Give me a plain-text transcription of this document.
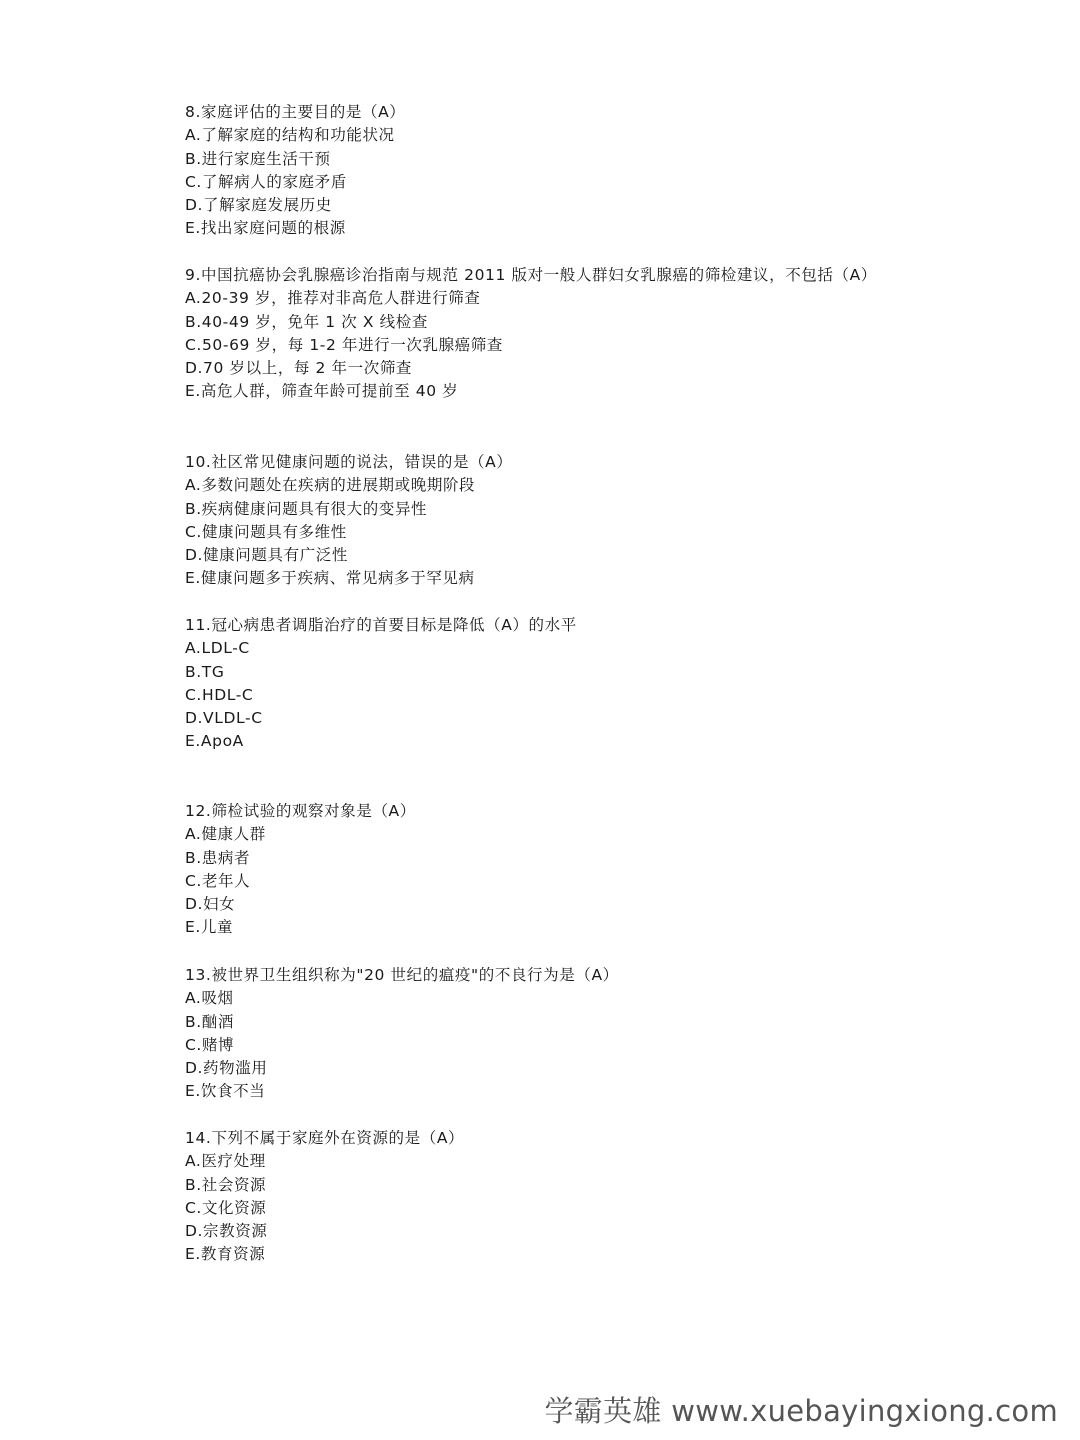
8.家庭评估的主要目的是（A）
A.了解家庭的结构和功能状况
B.进行家庭生活干预
C.了解病人的家庭矛盾
D.了解家庭发展历史
E.找出家庭问题的根源
9.中国抗癌协会乳腺癌诊治指南与规范 2011 版对一般人群妇女乳腺癌的筛检建议，不包括（A）
A.20-39 岁，推荐对非高危人群进行筛查
B.40-49 岁，免年 1 次 X 线检查
C.50-69 岁，每 1-2 年进行一次乳腺癌筛查
D.70 岁以上，每 2 年一次筛查
E.高危人群，筛查年龄可提前至 40 岁
10.社区常见健康问题的说法，错误的是（A）
A.多数问题处在疾病的进展期或晚期阶段
B.疾病健康问题具有很大的变异性
C.健康问题具有多维性
D.健康问题具有广泛性
E.健康问题多于疾病、常见病多于罕见病
11.冠心病患者调脂治疗的首要目标是降低（A）的水平
A.LDL-C
B.TG
C.HDL-C
D.VLDL-C
E.ApoA
12.筛检试验的观察对象是（A）
A.健康人群
B.患病者
C.老年人
D.妇女
E.儿童
13.被世界卫生组织称为"20 世纪的瘟疫"的不良行为是（A）
A.吸烟
B.酗酒
C.赌博
D.药物滥用
E.饮食不当
14.下列不属于家庭外在资源的是（A）
A.医疗处理
B.社会资源
C.文化资源
D.宗教资源
E.教育资源
学霸英雄 www.xuebayingxiong.com
